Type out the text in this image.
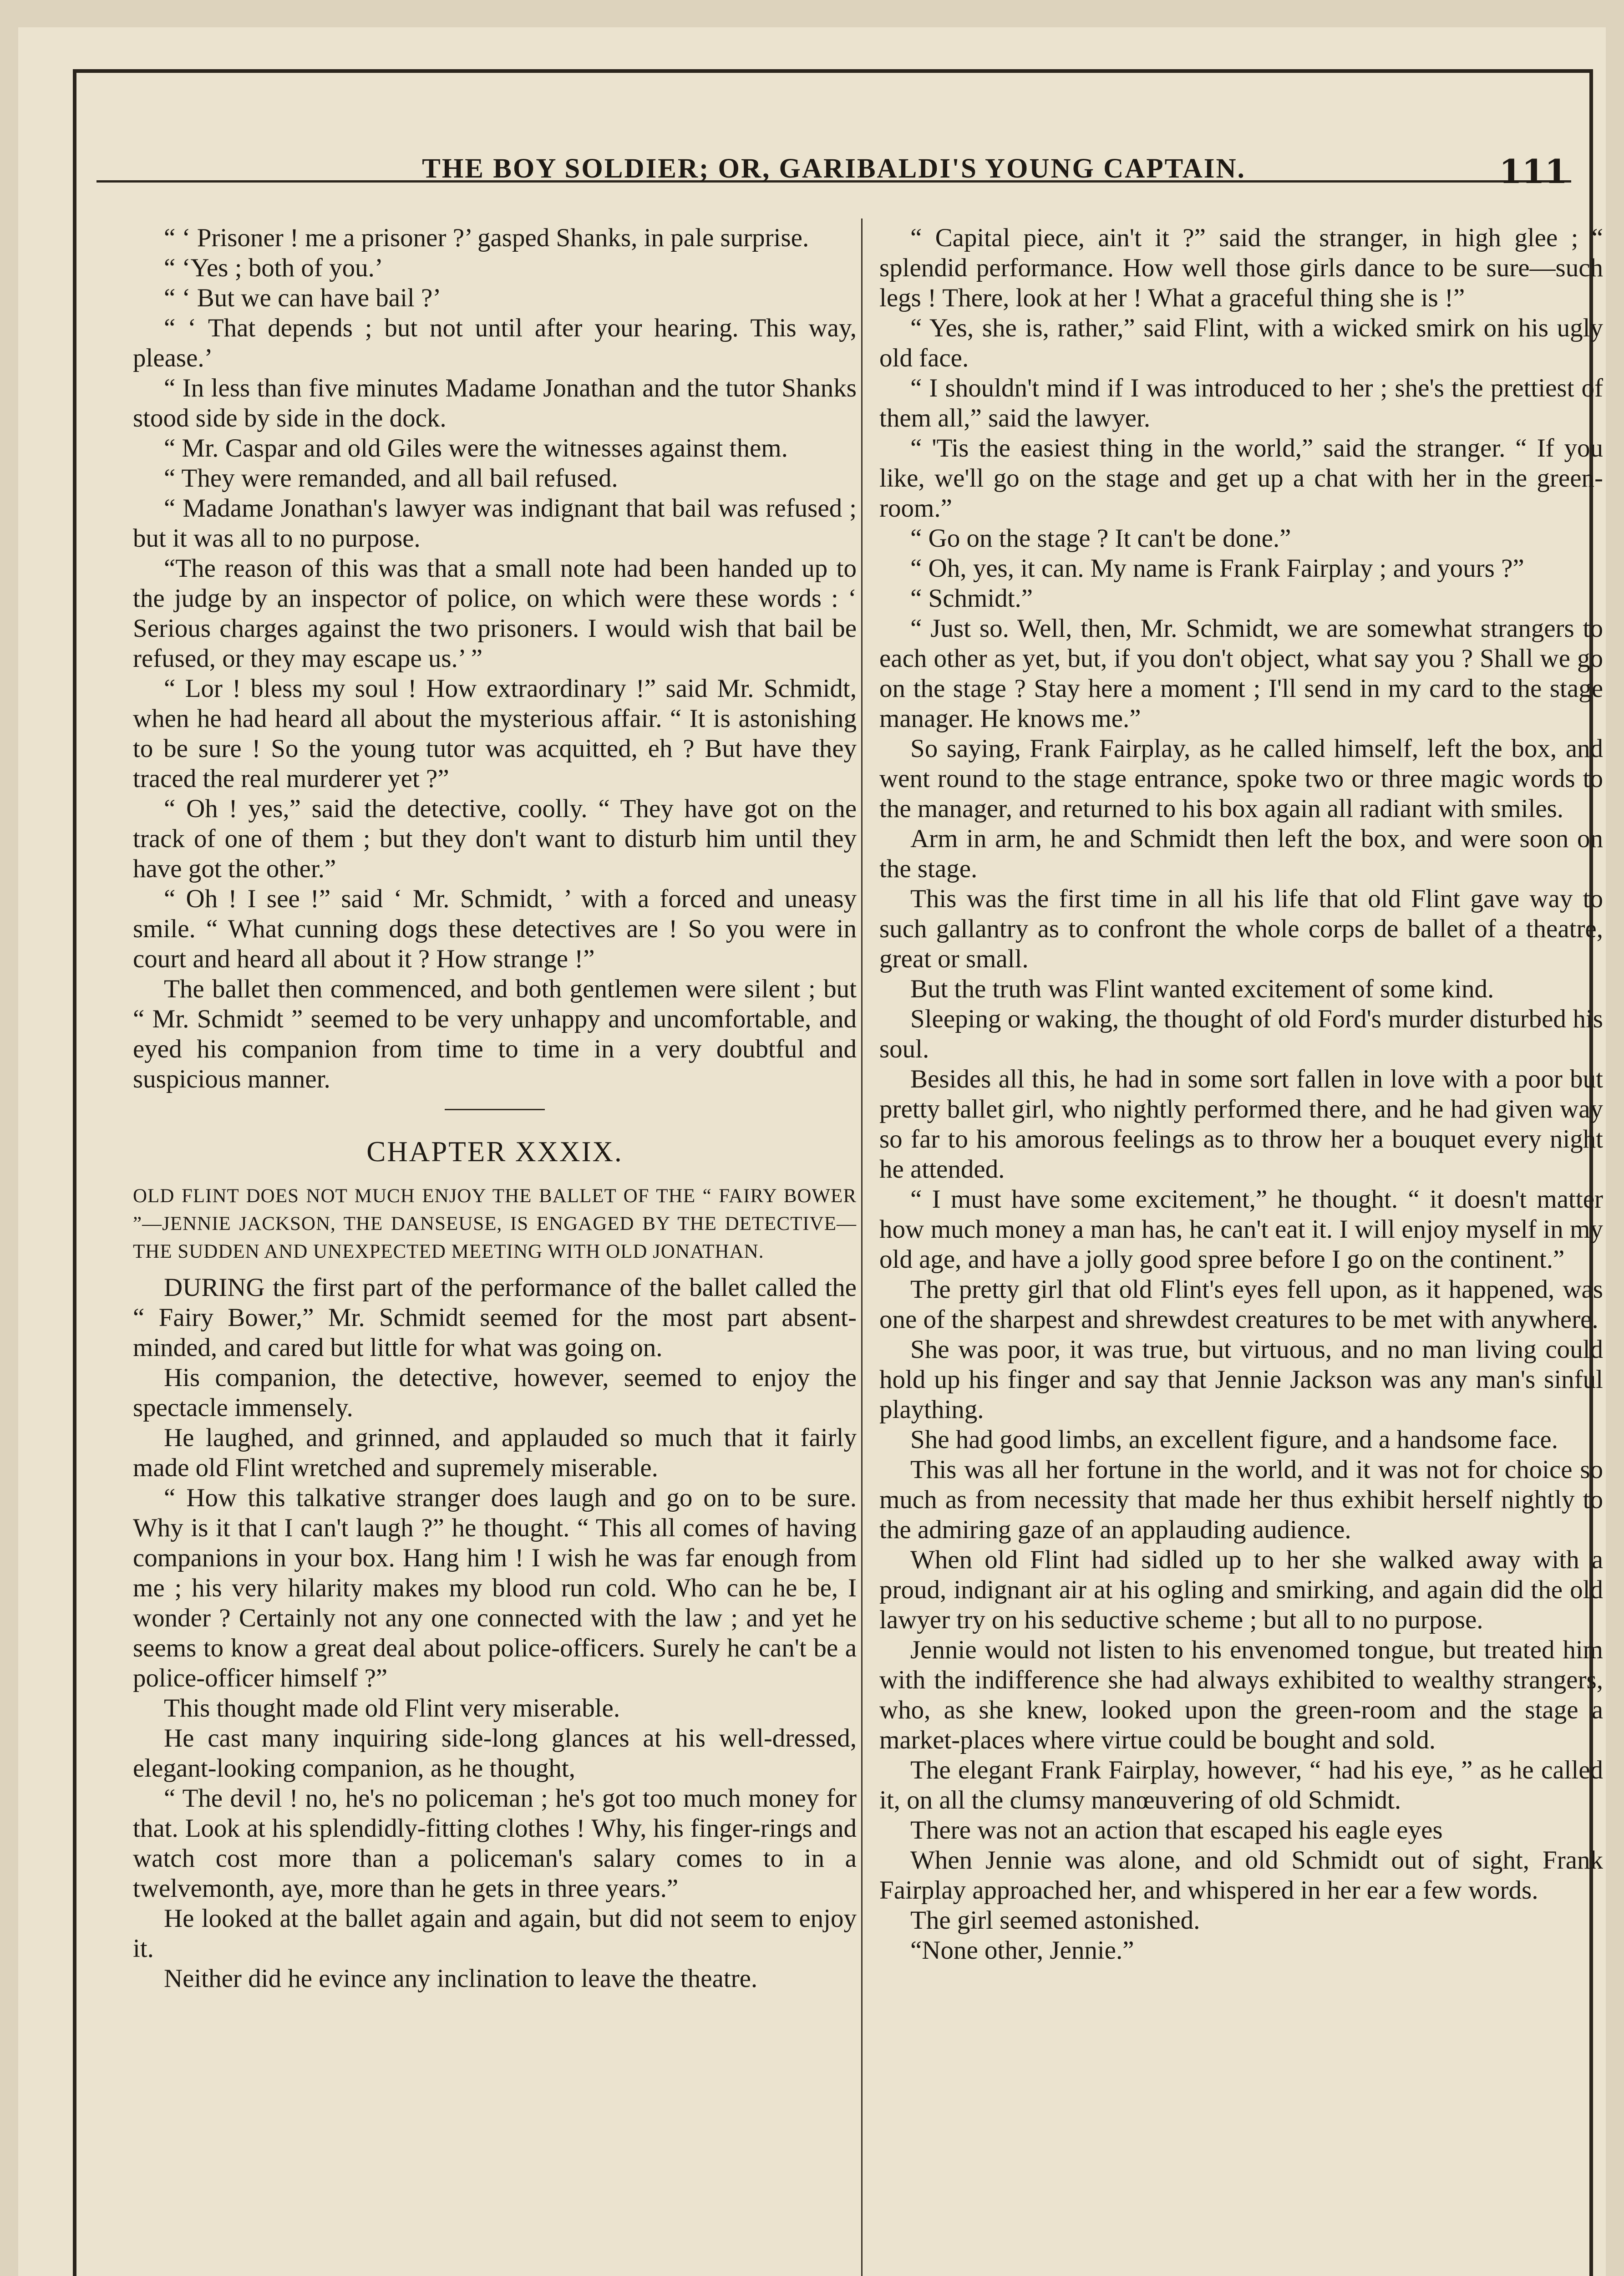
THE BOY SOLDIER; OR, GARIBALDI'S YOUNG CAPTAIN.	111

“ ‘ Prisoner ! me a prisoner ?’ gasped Shanks, in pale surprise.

“ ‘Yes ; both of you.’

“ ‘ But we can have bail ?’

“ ‘ That depends ; but not until after your hearing. This way, please.’

“ In less than five minutes Madame Jonathan and the tutor Shanks stood side by side in the dock.

“ Mr. Caspar and old Giles were the witnesses against them.

“ They were remanded, and all bail refused.

“ Madame Jonathan's lawyer was indignant that bail was refused ; but it was all to no purpose.

“The reason of this was that a small note had been handed up to the judge by an inspector of police, on which were these words : ‘ Serious charges against the two prisoners. I would wish that bail be refused, or they may escape us.’ ”

“ Lor ! bless my soul ! How extraordinary !” said Mr. Schmidt, when he had heard all about the mysterious affair. “ It is astonishing to be sure ! So the young tutor was acquitted, eh ? But have they traced the real murderer yet ?”

“ Oh ! yes,” said the detective, coolly. “ They have got on the track of one of them ; but they don't want to disturb him until they have got the other.”

“ Oh ! I see !” said ‘ Mr. Schmidt, ’ with a forced and uneasy smile. “ What cunning dogs these detectives are ! So you were in court and heard all about it ? How strange !”

The ballet then commenced, and both gentlemen were silent ; but “ Mr. Schmidt ” seemed to be very unhappy and uncomfortable, and eyed his companion from time to time in a very doubtful and suspicious manner.

CHAPTER XXXIX.

OLD FLINT DOES NOT MUCH ENJOY THE BALLET OF THE “ FAIRY BOWER ”—JENNIE JACKSON, THE DANSEUSE, IS ENGAGED BY THE DETECTIVE—THE SUDDEN AND UNEXPECTED MEETING WITH OLD JONATHAN.

DURING the first part of the performance of the ballet called the “ Fairy Bower,” Mr. Schmidt seemed for the most part absent-minded, and cared but little for what was going on.

His companion, the detective, however, seemed to enjoy the spectacle immensely.

He laughed, and grinned, and applauded so much that it fairly made old Flint wretched and supremely miserable.

“ How this talkative stranger does laugh and go on to be sure. Why is it that I can't laugh ?” he thought. “ This all comes of having companions in your box. Hang him ! I wish he was far enough from me ; his very hilarity makes my blood run cold. Who can he be, I wonder ? Certainly not any one connected with the law ; and yet he seems to know a great deal about police-officers. Surely he can't be a police-officer himself ?”

This thought made old Flint very miserable.

He cast many inquiring side-long glances at his well-dressed, elegant-looking companion, as he thought,

“ The devil ! no, he's no policeman ; he's got too much money for that. Look at his splendidly-fitting clothes ! Why, his finger-rings and watch cost more than a policeman's salary comes to in a twelvemonth, aye, more than he gets in three years.”

He looked at the ballet again and again, but did not seem to enjoy it.

Neither did he evince any inclination to leave the theatre.

“ Capital piece, ain't it ?” said the stranger, in high glee ; “ splendid performance. How well those girls dance to be sure—such legs ! There, look at her ! What a graceful thing she is !”

“ Yes, she is, rather,” said Flint, with a wicked smirk on his ugly old face.

“ I shouldn't mind if I was introduced to her ; she's the prettiest of them all,” said the lawyer.

“ 'Tis the easiest thing in the world,” said the stranger. “ If you like, we'll go on the stage and get up a chat with her in the green-room.”

“ Go on the stage ? It can't be done.”

“ Oh, yes, it can. My name is Frank Fairplay ; and yours ?”

“ Schmidt.”

“ Just so. Well, then, Mr. Schmidt, we are somewhat strangers to each other as yet, but, if you don't object, what say you ? Shall we go on the stage ? Stay here a moment ; I'll send in my card to the stage manager. He knows me.”

So saying, Frank Fairplay, as he called himself, left the box, and went round to the stage entrance, spoke two or three magic words to the manager, and returned to his box again all radiant with smiles.

Arm in arm, he and Schmidt then left the box, and were soon on the stage.

This was the first time in all his life that old Flint gave way to such gallantry as to confront the whole corps de ballet of a theatre, great or small.

But the truth was Flint wanted excitement of some kind.

Sleeping or waking, the thought of old Ford's murder disturbed his soul.

Besides all this, he had in some sort fallen in love with a poor but pretty ballet girl, who nightly performed there, and he had given way so far to his amorous feelings as to throw her a bouquet every night he attended.

“ I must have some excitement,” he thought. “ it doesn't matter how much money a man has, he can't eat it. I will enjoy myself in my old age, and have a jolly good spree before I go on the continent.”

The pretty girl that old Flint's eyes fell upon, as it happened, was one of the sharpest and shrewdest creatures to be met with anywhere.

She was poor, it was true, but virtuous, and no man living could hold up his finger and say that Jennie Jackson was any man's sinful plaything.

She had good limbs, an excellent figure, and a handsome face.

This was all her fortune in the world, and it was not for choice so much as from necessity that made her thus exhibit herself nightly to the admiring gaze of an applauding audience.

When old Flint had sidled up to her she walked away with a proud, indignant air at his ogling and smirking, and again did the old lawyer try on his seductive scheme ; but all to no purpose.

Jennie would not listen to his envenomed tongue, but treated him with the indifference she had always exhibited to wealthy strangers, who, as she knew, looked upon the green-room and the stage a market-places where virtue could be bought and sold.

The elegant Frank Fairplay, however, “ had his eye, ” as he called it, on all the clumsy manœuvering of old Schmidt.

There was not an action that escaped his eagle eyes

When Jennie was alone, and old Schmidt out of sight, Frank Fairplay approached her, and whispered in her ear a few words.

The girl seemed astonished.

“None other, Jennie.”
